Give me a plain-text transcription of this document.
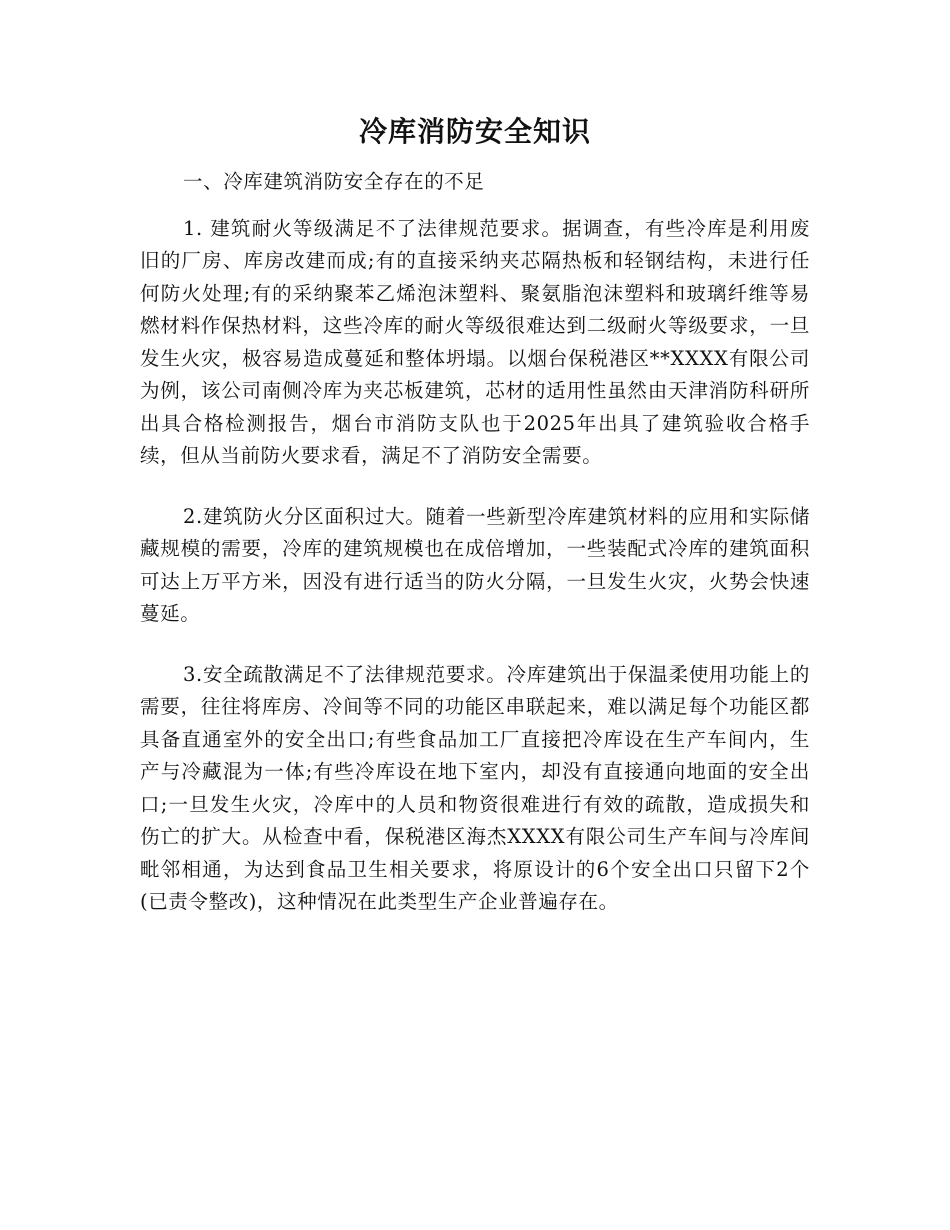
冷库消防安全知识

一、冷库建筑消防安全存在的不足

1. 建筑耐火等级满足不了法律规范要求。据调查，有些冷库是利用废旧的厂房、库房改建而成;有的直接采纳夹芯隔热板和轻钢结构，未进行任何防火处理;有的采纳聚苯乙烯泡沫塑料、聚氨脂泡沫塑料和玻璃纤维等易燃材料作保热材料，这些冷库的耐火等级很难达到二级耐火等级要求，一旦发生火灾，极容易造成蔓延和整体坍塌。以烟台保税港区**XXXX有限公司为例，该公司南侧冷库为夹芯板建筑，芯材的适用性虽然由天津消防科研所出具合格检测报告，烟台市消防支队也于2025年出具了建筑验收合格手续，但从当前防火要求看，满足不了消防安全需要。

2.建筑防火分区面积过大。随着一些新型冷库建筑材料的应用和实际储藏规模的需要，冷库的建筑规模也在成倍增加，一些装配式冷库的建筑面积可达上万平方米，因没有进行适当的防火分隔，一旦发生火灾，火势会快速蔓延。

3.安全疏散满足不了法律规范要求。冷库建筑出于保温柔使用功能上的需要，往往将库房、冷间等不同的功能区串联起来，难以满足每个功能区都具备直通室外的安全出口;有些食品加工厂直接把冷库设在生产车间内，生产与冷藏混为一体;有些冷库设在地下室内，却没有直接通向地面的安全出口;一旦发生火灾，冷库中的人员和物资很难进行有效的疏散，造成损失和伤亡的扩大。从检查中看，保税港区海杰XXXX有限公司生产车间与冷库间毗邻相通，为达到食品卫生相关要求，将原设计的6个安全出口只留下2个(已责令整改)，这种情况在此类型生产企业普遍存在。
